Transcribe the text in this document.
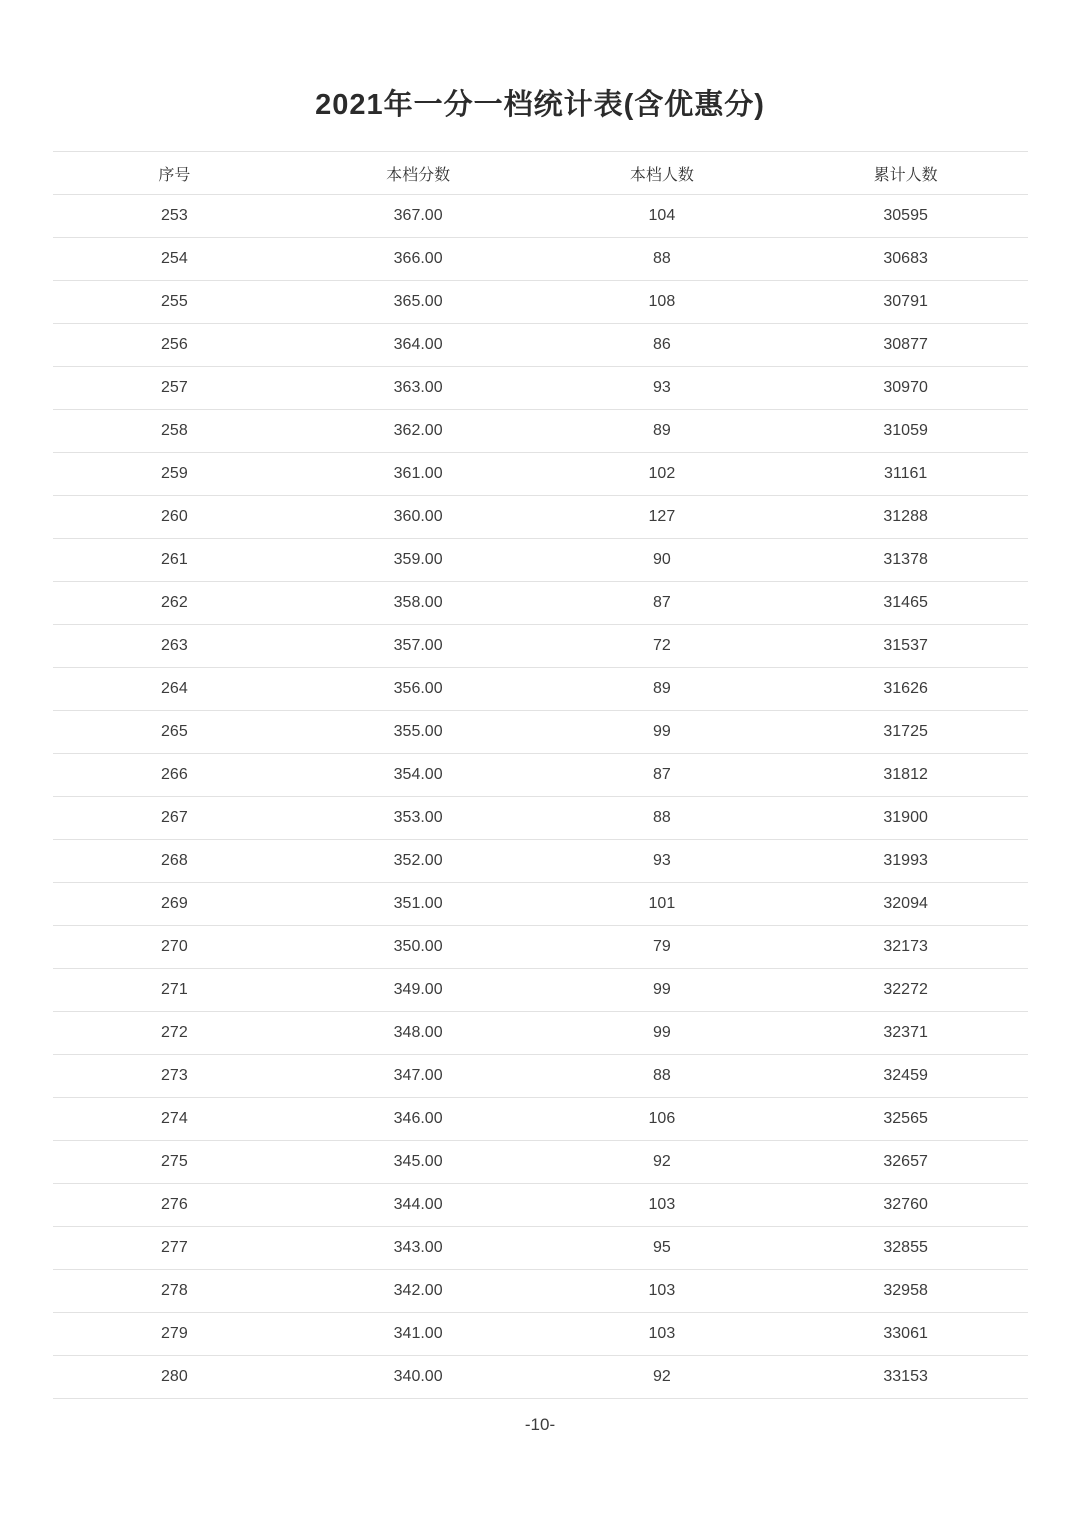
2021年一分一档统计表(含优惠分)
序号	本档分数	本档人数	累计人数
253	367.00	104	30595
254	366.00	88	30683
255	365.00	108	30791
256	364.00	86	30877
257	363.00	93	30970
258	362.00	89	31059
259	361.00	102	31161
260	360.00	127	31288
261	359.00	90	31378
262	358.00	87	31465
263	357.00	72	31537
264	356.00	89	31626
265	355.00	99	31725
266	354.00	87	31812
267	353.00	88	31900
268	352.00	93	31993
269	351.00	101	32094
270	350.00	79	32173
271	349.00	99	32272
272	348.00	99	32371
273	347.00	88	32459
274	346.00	106	32565
275	345.00	92	32657
276	344.00	103	32760
277	343.00	95	32855
278	342.00	103	32958
279	341.00	103	33061
280	340.00	92	33153
-10-
